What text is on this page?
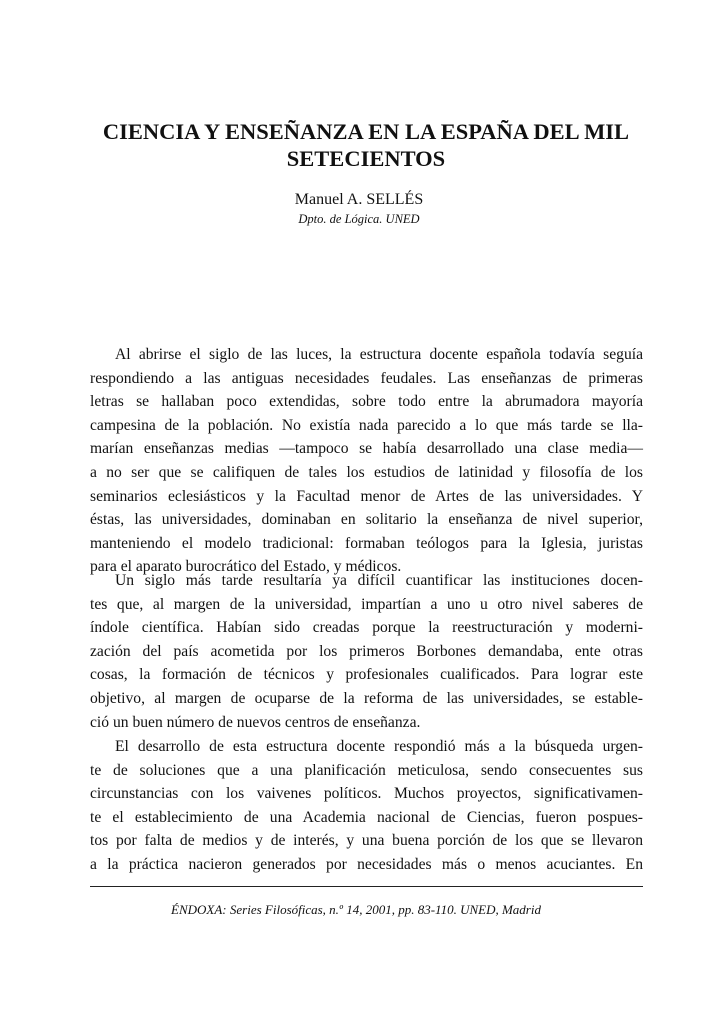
CIENCIA Y ENSEÑANZA EN LA ESPAÑA DEL MIL
SETECIENTOS
Manuel A. SELLÉS
Dpto. de Lógica. UNED
Al abrirse el siglo de las luces, la estructura docente española todavía seguía
respondiendo a las antiguas necesidades feudales. Las enseñanzas de primeras
letras se hallaban poco extendidas, sobre todo entre la abrumadora mayoría
campesina de la población. No existía nada parecido a lo que más tarde se lla-
marían enseñanzas medias —tampoco se había desarrollado una clase media—
a no ser que se califiquen de tales los estudios de latinidad y filosofía de los
seminarios eclesiásticos y la Facultad menor de Artes de las universidades. Y
éstas, las universidades, dominaban en solitario la enseñanza de nivel superior,
manteniendo el modelo tradicional: formaban teólogos para la Iglesia, juristas
para el aparato burocrático del Estado, y médicos.
Un siglo más tarde resultaría ya difícil cuantificar las instituciones docen-
tes que, al margen de la universidad, impartían a uno u otro nivel saberes de
índole científica. Habían sido creadas porque la reestructuración y moderni-
zación del país acometida por los primeros Borbones demandaba, ente otras
cosas, la formación de técnicos y profesionales cualificados. Para lograr este
objetivo, al margen de ocuparse de la reforma de las universidades, se estable-
ció un buen número de nuevos centros de enseñanza.
El desarrollo de esta estructura docente respondió más a la búsqueda urgen-
te de soluciones que a una planificación meticulosa, sendo consecuentes sus
circunstancias con los vaivenes políticos. Muchos proyectos, significativamen-
te el establecimiento de una Academia nacional de Ciencias, fueron pospues-
tos por falta de medios y de interés, y una buena porción de los que se llevaron
a la práctica nacieron generados por necesidades más o menos acuciantes. En
ÉNDOXA: Series Filosóficas, n.º 14, 2001, pp. 83-110. UNED, Madrid
